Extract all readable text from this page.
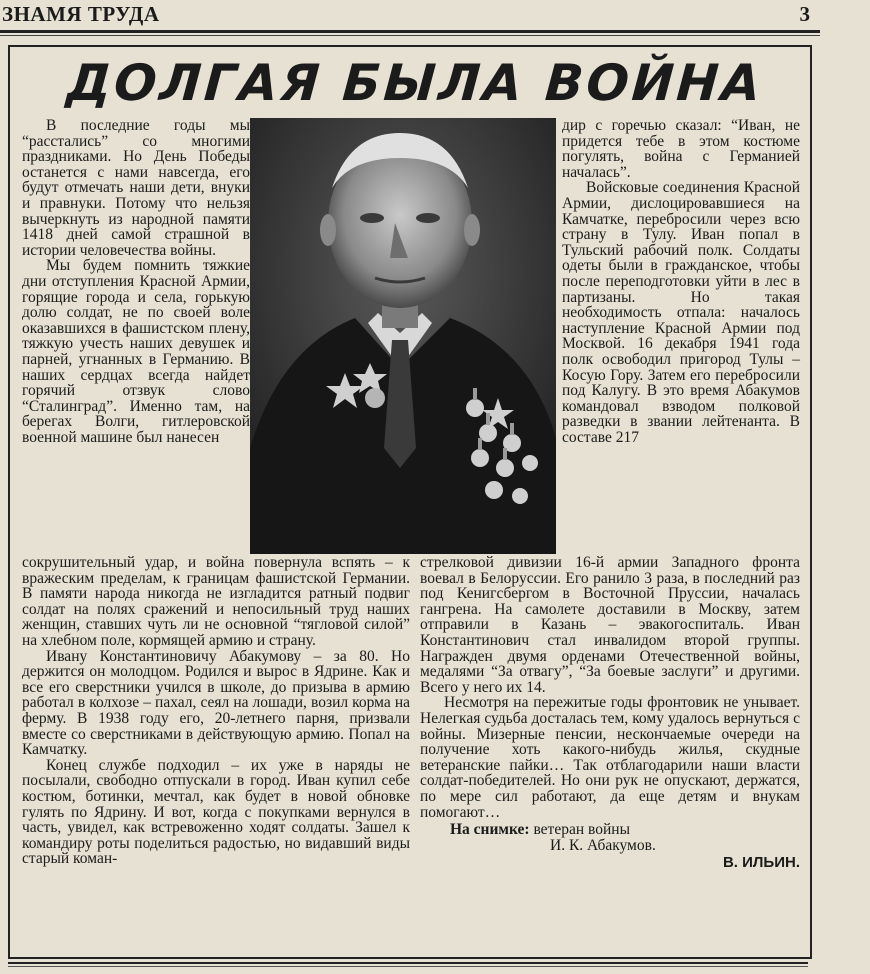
ЗНАМЯ ТРУДА	3
ДОЛГАЯ БЫЛА ВОЙНА

В последние годы мы “расстались” со многими праздниками. Но День Победы останется с нами навсегда, его будут отмечать наши дети, внуки и правнуки. Потому что нельзя вычеркнуть из народной памяти 1418 дней самой страшной в истории человечества войны.

Мы будем помнить тяжкие дни отступления Красной Армии, горящие города и села, горькую долю солдат, не по своей воле оказавшихся в фашистском плену, тяжкую учесть наших девушек и парней, угнанных в Германию. В наших сердцах всегда найдет горячий отзвук слово “Сталинград”. Именно там, на берегах Волги, гитлеровской военной машине был нанесен

дир с горечью сказал: “Иван, не придется тебе в этом костюме погулять, война с Германией началась”.

Войсковые соединения Красной Армии, дислоцировавшиеся на Камчатке, перебросили через всю страну в Тулу. Иван попал в Тульский рабочий полк. Солдаты одеты были в гражданское, чтобы после переподготовки уйти в лес в партизаны. Но такая необходимость отпала: началось наступление Красной Армии под Москвой. 16 декабря 1941 года полк освободил пригород Тулы – Косую Гору. Затем его перебросили под Калугу. В это время Абакумов командовал взводом полковой разведки в звании лейтенанта. В составе 217

сокрушительный удар, и война повернула вспять – к вражеским пределам, к границам фашистской Германии. В памяти народа никогда не изгладится ратный подвиг солдат на полях сражений и непосильный труд наших женщин, ставших чуть ли не основной “тягловой силой” на хлебном поле, кормящей армию и страну.

Ивану Константиновичу Абакумову – за 80. Но держится он молодцом. Родился и вырос в Ядрине. Как и все его сверстники учился в школе, до призыва в армию работал в колхозе – пахал, сеял на лошади, возил корма на ферму. В 1938 году его, 20-летнего парня, призвали вместе со сверстниками в действующую армию. Попал на Камчатку.

Конец службе подходил – их уже в наряды не посылали, свободно отпускали в город. Иван купил себе костюм, ботинки, мечтал, как будет в новой обновке гулять по Ядрину. И вот, когда с покупками вернулся в часть, увидел, как встревоженно ходят солдаты. Зашел к командиру роты поделиться радостью, но видавший виды старый коман-

стрелковой дивизии 16-й армии Западного фронта воевал в Белоруссии. Его ранило 3 раза, в последний раз под Кенигсбергом в Восточной Пруссии, началась гангрена. На самолете доставили в Москву, затем отправили в Казань – эвакогоспиталь. Иван Константинович стал инвалидом второй группы. Награжден двумя орденами Отечественной войны, медалями “За отвагу”, “За боевые заслуги” и другими. Всего у него их 14.

Несмотря на пережитые годы фронтовик не унывает. Нелегкая судьба досталась тем, кому удалось вернуться с войны. Мизерные пенсии, нескончаемые очереди на получение хоть какого-нибудь жилья, скудные ветеранские пайки… Так отблагодарили наши власти солдат-победителей. Но они рук не опускают, держатся, по мере сил работают, да еще детям и внукам помогают…

На снимке: ветеран войны

И. К. Абакумов.

В. ИЛЬИН.
